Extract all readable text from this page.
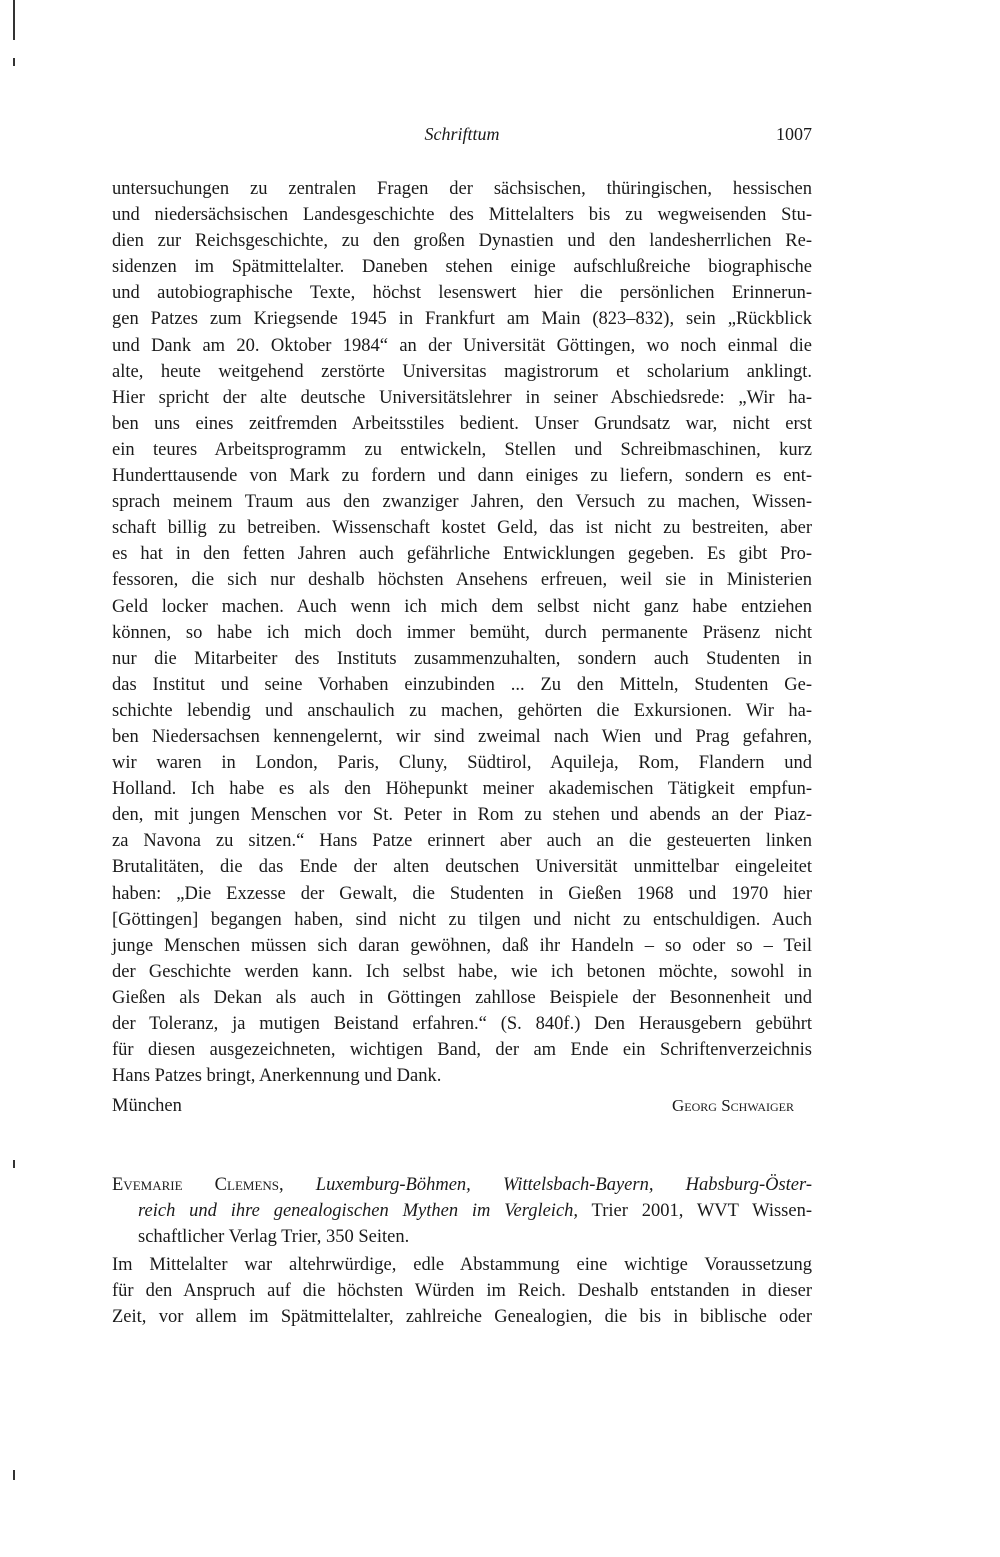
Schrifttum	1007
untersuchungen zu zentralen Fragen der sächsischen, thüringischen, hessischen
und niedersächsischen Landesgeschichte des Mittelalters bis zu wegweisenden Stu-
dien zur Reichsgeschichte, zu den großen Dynastien und den landesherrlichen Re-
sidenzen im Spätmittelalter. Daneben stehen einige aufschlußreiche biographische
und autobiographische Texte, höchst lesenswert hier die persönlichen Erinnerun-
gen Patzes zum Kriegsende 1945 in Frankfurt am Main (823–832), sein „Rückblick
und Dank am 20. Oktober 1984“ an der Universität Göttingen, wo noch einmal die
alte, heute weitgehend zerstörte Universitas magistrorum et scholarium anklingt.
Hier spricht der alte deutsche Universitätslehrer in seiner Abschiedsrede: „Wir ha-
ben uns eines zeitfremden Arbeitsstiles bedient. Unser Grundsatz war, nicht erst
ein teures Arbeitsprogramm zu entwickeln, Stellen und Schreibmaschinen, kurz
Hunderttausende von Mark zu fordern und dann einiges zu liefern, sondern es ent-
sprach meinem Traum aus den zwanziger Jahren, den Versuch zu machen, Wissen-
schaft billig zu betreiben. Wissenschaft kostet Geld, das ist nicht zu bestreiten, aber
es hat in den fetten Jahren auch gefährliche Entwicklungen gegeben. Es gibt Pro-
fessoren, die sich nur deshalb höchsten Ansehens erfreuen, weil sie in Ministerien
Geld locker machen. Auch wenn ich mich dem selbst nicht ganz habe entziehen
können, so habe ich mich doch immer bemüht, durch permanente Präsenz nicht
nur die Mitarbeiter des Instituts zusammenzuhalten, sondern auch Studenten in
das Institut und seine Vorhaben einzubinden ... Zu den Mitteln, Studenten Ge-
schichte lebendig und anschaulich zu machen, gehörten die Exkursionen. Wir ha-
ben Niedersachsen kennengelernt, wir sind zweimal nach Wien und Prag gefahren,
wir waren in London, Paris, Cluny, Südtirol, Aquileja, Rom, Flandern und
Holland. Ich habe es als den Höhepunkt meiner akademischen Tätigkeit empfun-
den, mit jungen Menschen vor St. Peter in Rom zu stehen und abends an der Piaz-
za Navona zu sitzen.“ Hans Patze erinnert aber auch an die gesteuerten linken
Brutalitäten, die das Ende der alten deutschen Universität unmittelbar eingeleitet
haben: „Die Exzesse der Gewalt, die Studenten in Gießen 1968 und 1970 hier
[Göttingen] begangen haben, sind nicht zu tilgen und nicht zu entschuldigen. Auch
junge Menschen müssen sich daran gewöhnen, daß ihr Handeln – so oder so – Teil
der Geschichte werden kann. Ich selbst habe, wie ich betonen möchte, sowohl in
Gießen als Dekan als auch in Göttingen zahllose Beispiele der Besonnenheit und
der Toleranz, ja mutigen Beistand erfahren.“ (S. 840f.) Den Herausgebern gebührt
für diesen ausgezeichneten, wichtigen Band, der am Ende ein Schriftenverzeichnis
Hans Patzes bringt, Anerkennung und Dank.
München	Georg Schwaiger
Evemarie Clemens, Luxemburg-Böhmen, Wittelsbach-Bayern, Habsburg-Öster-
reich und ihre genealogischen Mythen im Vergleich, Trier 2001, WVT Wissen-
schaftlicher Verlag Trier, 350 Seiten.
Im Mittelalter war altehrwürdige, edle Abstammung eine wichtige Voraussetzung
für den Anspruch auf die höchsten Würden im Reich. Deshalb entstanden in dieser
Zeit, vor allem im Spätmittelalter, zahlreiche Genealogien, die bis in biblische oder
